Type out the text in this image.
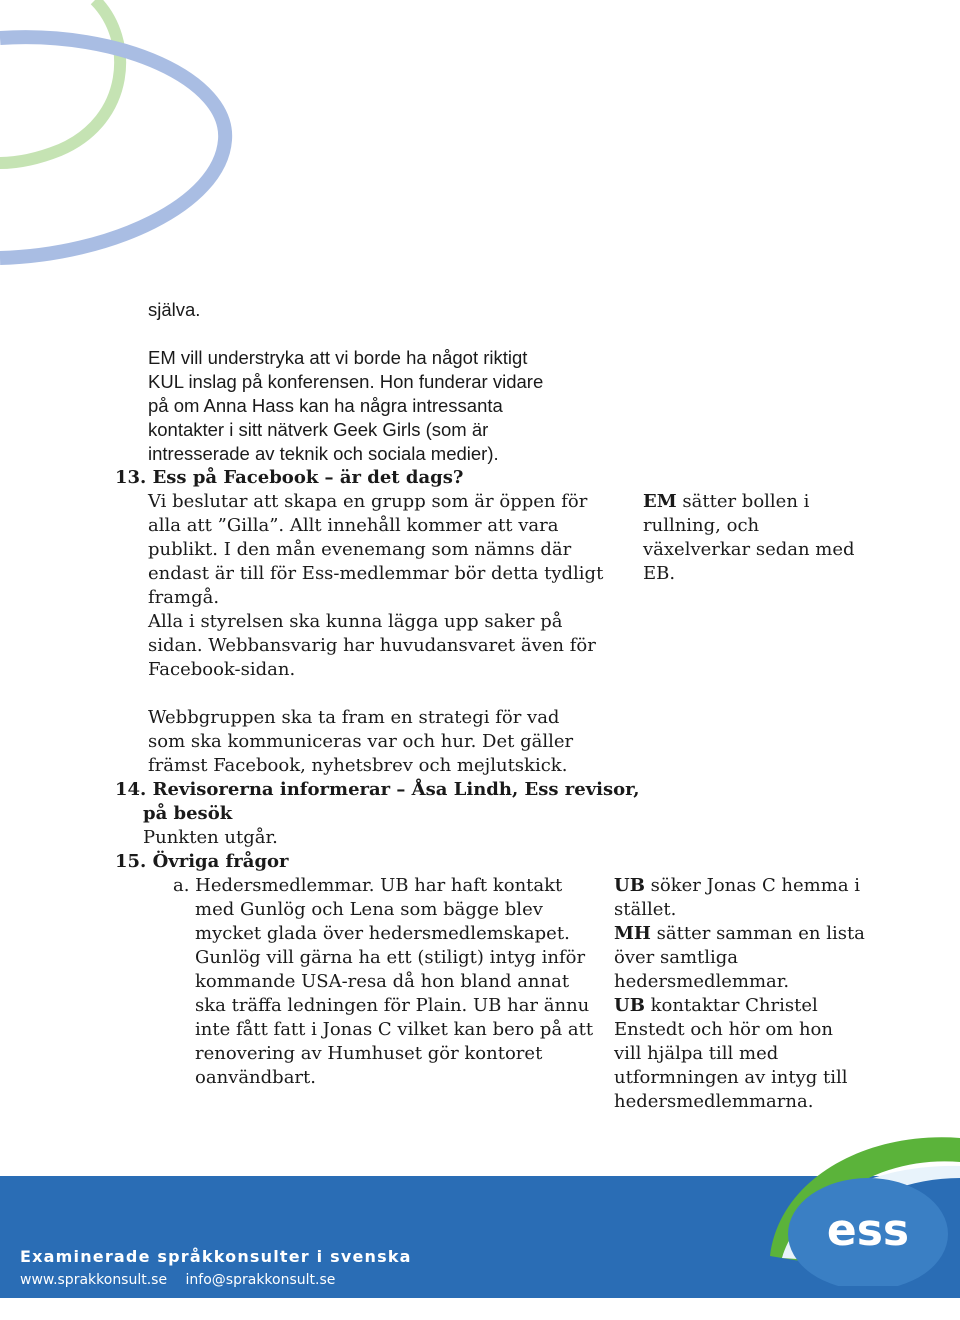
själva.

EM vill understryka att vi borde ha något riktigt

KUL inslag på konferensen. Hon funderar vidare

på om Anna Hass kan ha några intressanta

kontakter i sitt nätverk Geek Girls (som är

intresserade av teknik och sociala medier).

13. Ess på Facebook – är det dags?

Vi beslutar att skapa en grupp som är öppen för

alla att ”Gilla”. Allt innehåll kommer att vara

publikt. I den mån evenemang som nämns där

endast är till för Ess-medlemmar bör detta tydligt

framgå.

Alla i styrelsen ska kunna lägga upp saker på

sidan. Webbansvarig har huvudansvaret även för

Facebook-sidan.

Webbgruppen ska ta fram en strategi för vad

som ska kommuniceras var och hur. Det gäller

främst Facebook, nyhetsbrev och mejlutskick.

EM sätter bollen i

rullning, och

växelverkar sedan med

EB.

14. Revisorerna informerar – Åsa Lindh, Ess revisor,

på besök

Punkten utgår.

15. Övriga frågor

a. Hedersmedlemmar. UB har haft kontakt

med Gunlög och Lena som bägge blev

mycket glada över hedersmedlemskapet.

Gunlög vill gärna ha ett (stiligt) intyg inför

kommande USA-resa då hon bland annat

ska träffa ledningen för Plain. UB har ännu

inte fått fatt i Jonas C vilket kan bero på att

renovering av Humhuset gör kontoret

oanvändbart.

UB söker Jonas C hemma i

stället.

MH sätter samman en lista

över samtliga

hedersmedlemmar.

UB kontaktar Christel

Enstedt och hör om hon

vill hjälpa till med

utformningen av intyg till

hedersmedlemmarna.

ess
Examinerade språkkonsulter i svenska
www.sprakkonsult.se info@sprakkonsult.se
